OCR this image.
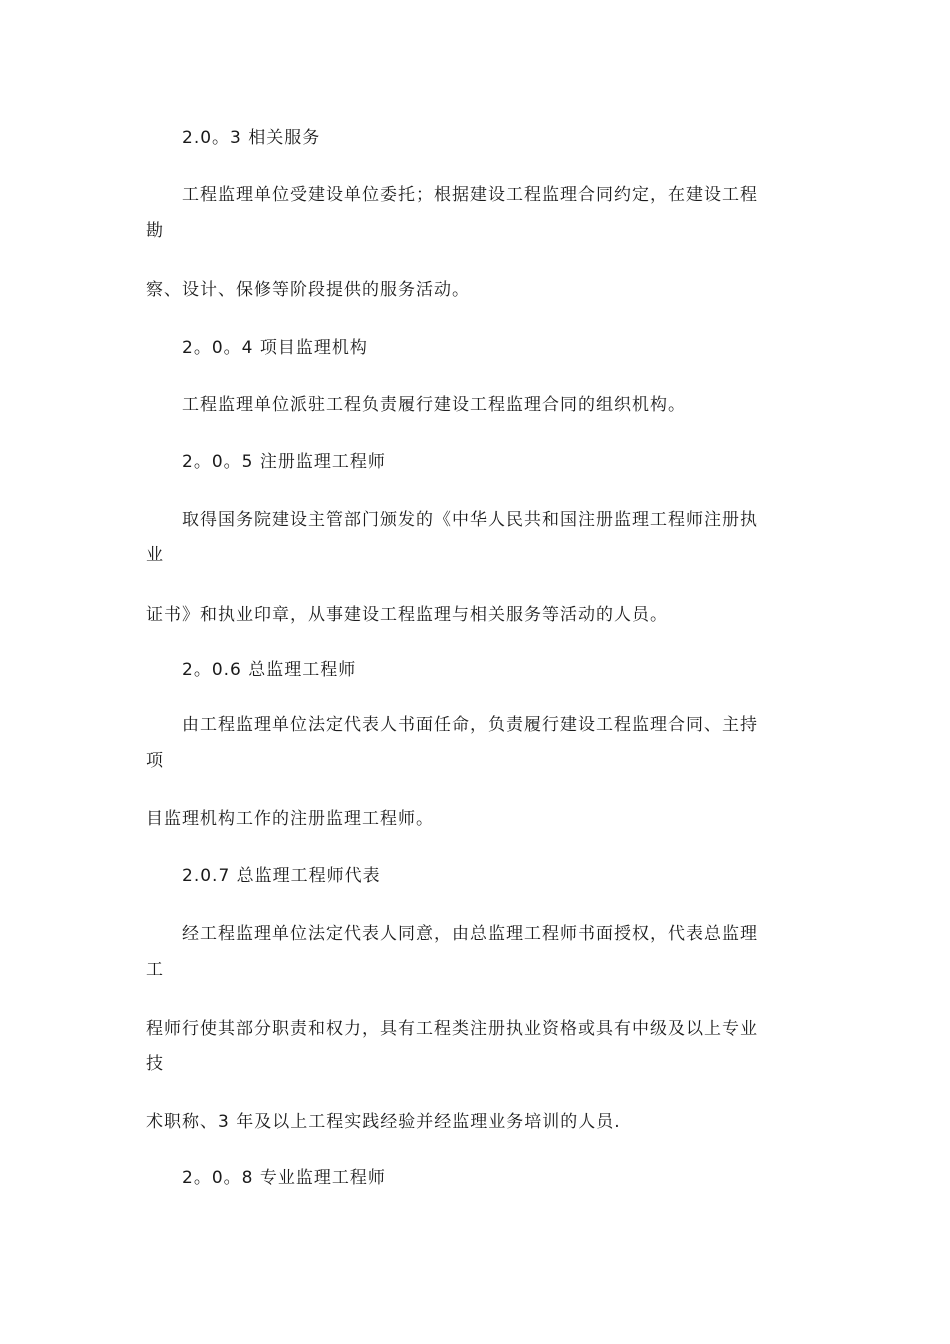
2.0。3 相关服务
工程监理单位受建设单位委托；根据建设工程监理合同约定，在建设工程
勘
察、设计、保修等阶段提供的服务活动。
2。0。4 项目监理机构
工程监理单位派驻工程负责履行建设工程监理合同的组织机构。
2。0。5 注册监理工程师
取得国务院建设主管部门颁发的《中华人民共和国注册监理工程师注册执
业
证书》和执业印章，从事建设工程监理与相关服务等活动的人员。
2。0.6 总监理工程师
由工程监理单位法定代表人书面任命，负责履行建设工程监理合同、主持
项
目监理机构工作的注册监理工程师。
2.0.7 总监理工程师代表
经工程监理单位法定代表人同意，由总监理工程师书面授权，代表总监理
工
程师行使其部分职责和权力，具有工程类注册执业资格或具有中级及以上专业
技
术职称、3 年及以上工程实践经验并经监理业务培训的人员.
2。0。8 专业监理工程师
